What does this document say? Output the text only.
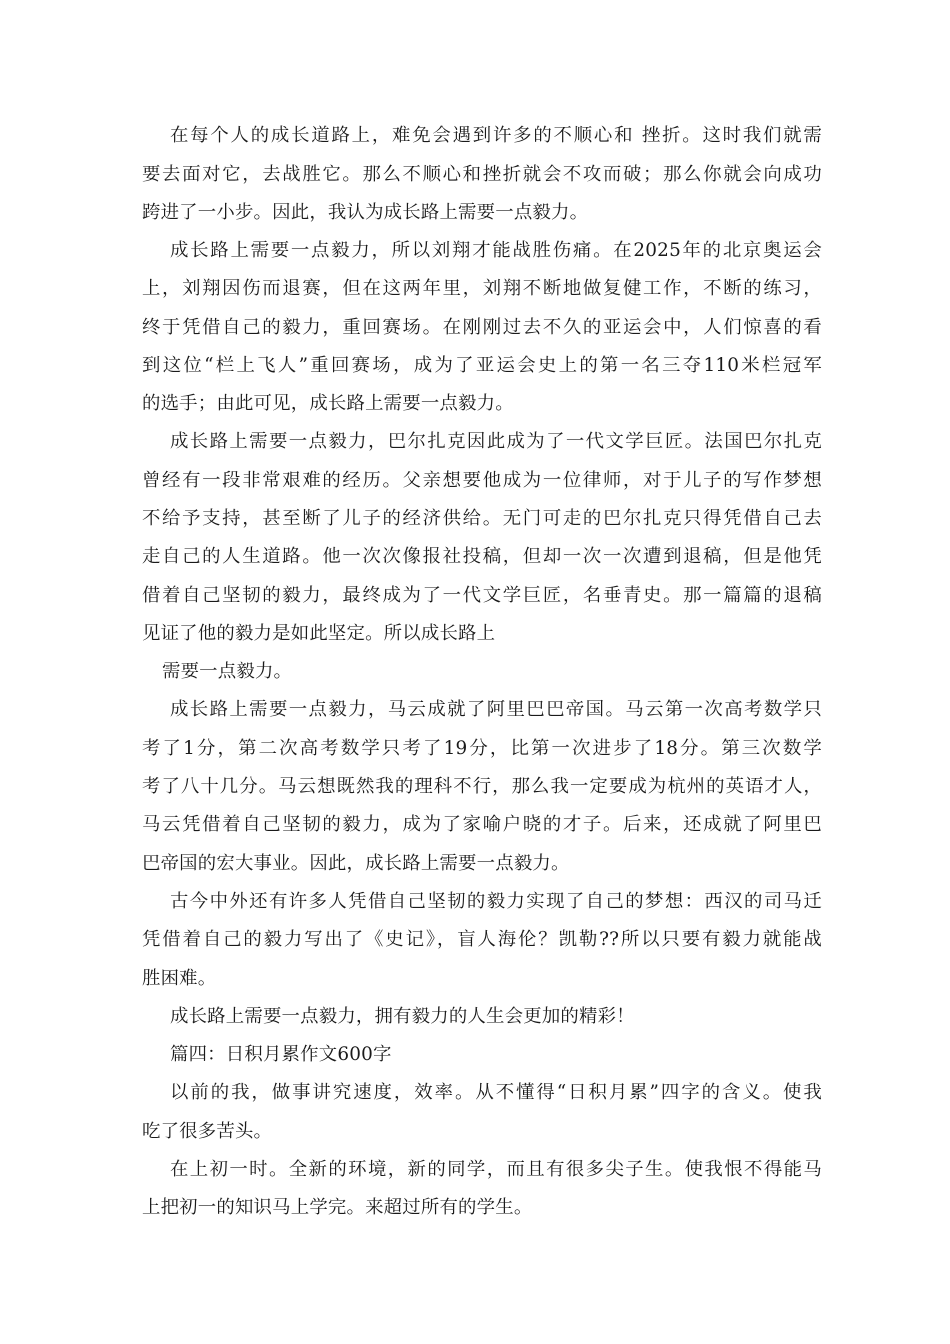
在每个人的成长道路上，难免会遇到许多的不顺心和 挫折。这时我们就需
要去面对它，去战胜它。那么不顺心和挫折就会不攻而破；那么你就会向成功
跨进了一小步。因此，我认为成长路上需要一点毅力。
成长路上需要一点毅力，所以刘翔才能战胜伤痛。在2025年的北京奥运会
上，刘翔因伤而退赛，但在这两年里，刘翔不断地做复健工作，不断的练习，
终于凭借自己的毅力，重回赛场。在刚刚过去不久的亚运会中，人们惊喜的看
到这位“栏上飞人”重回赛场，成为了亚运会史上的第一名三夺110米栏冠军
的选手；由此可见，成长路上需要一点毅力。
成长路上需要一点毅力，巴尔扎克因此成为了一代文学巨匠。法国巴尔扎克
曾经有一段非常艰难的经历。父亲想要他成为一位律师，对于儿子的写作梦想
不给予支持，甚至断了儿子的经济供给。无门可走的巴尔扎克只得凭借自己去
走自己的人生道路。他一次次像报社投稿，但却一次一次遭到退稿，但是他凭
借着自己坚韧的毅力，最终成为了一代文学巨匠，名垂青史。那一篇篇的退稿
见证了他的毅力是如此坚定。所以成长路上
需要一点毅力。
成长路上需要一点毅力，马云成就了阿里巴巴帝国。马云第一次高考数学只
考了1分，第二次高考数学只考了19分，比第一次进步了18分。第三次数学
考了八十几分。马云想既然我的理科不行，那么我一定要成为杭州的英语才人，
马云凭借着自己坚韧的毅力，成为了家喻户晓的才子。后来，还成就了阿里巴
巴帝国的宏大事业。因此，成长路上需要一点毅力。
古今中外还有许多人凭借自己坚韧的毅力实现了自己的梦想：西汉的司马迁
凭借着自己的毅力写出了《史记》，盲人海伦？凯勒??所以只要有毅力就能战
胜困难。
成长路上需要一点毅力，拥有毅力的人生会更加的精彩！
篇四：日积月累作文600字
以前的我，做事讲究速度，效率。从不懂得“日积月累”四字的含义。使我
吃了很多苦头。
在上初一时。全新的环境，新的同学，而且有很多尖子生。使我恨不得能马
上把初一的知识马上学完。来超过所有的学生。
